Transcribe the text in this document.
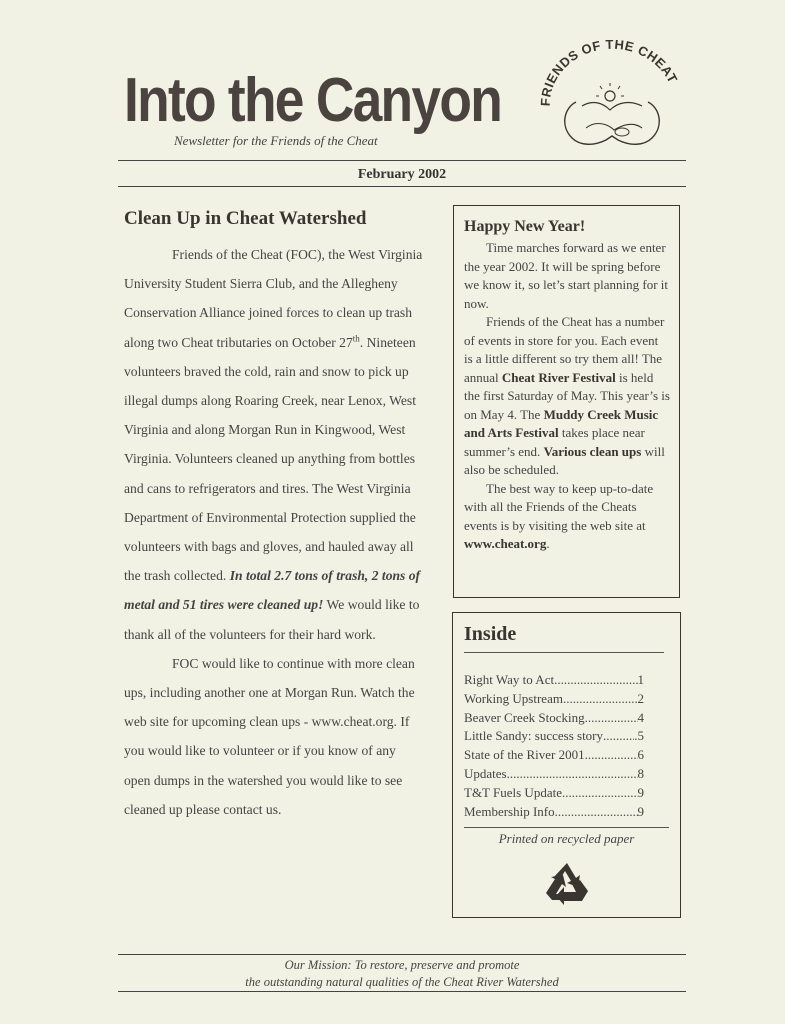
Into the Canyon
Newsletter for the Friends of the Cheat
FRIENDS OF THE CHEAT
February 2002
Clean Up in Cheat Watershed

Friends of the Cheat (FOC), the West Virginia University Student Sierra Club, and the Allegheny Conservation Alliance joined forces to clean up trash along two Cheat tributaries on October 27th. Nineteen volunteers braved the cold, rain and snow to pick up illegal dumps along Roaring Creek, near Lenox, West Virginia and along Morgan Run in Kingwood, West Virginia. Volunteers cleaned up anything from bottles and cans to refrigerators and tires. The West Virginia Department of Environmental Protection supplied the volunteers with bags and gloves, and hauled away all the trash collected. In total 2.7 tons of trash, 2 tons of metal and 51 tires were cleaned up! We would like to thank all of the volunteers for their hard work.

FOC would like to continue with more clean ups, including another one at Morgan Run. Watch the web site for upcoming clean ups - www.cheat.org. If you would like to volunteer or if you know of any open dumps in the watershed you would like to see cleaned up please contact us.

Happy New Year!

Time marches forward as we enter the year 2002. It will be spring before we know it, so let’s start planning for it now.

Friends of the Cheat has a number of events in store for you. Each event is a little different so try them all! The annual Cheat River Festival is held the first Saturday of May. This year’s is on May 4. The Muddy Creek Music and Arts Festival takes place near summer’s end. Various clean ups will also be scheduled.

The best way to keep up-to-date with all the Friends of the Cheats events is by visiting the web site at www.cheat.org.

Inside
Right Way to Act .....	1
Working Upstream .....	2
Beaver Creek Stocking .....	4
Little Sandy: success story ..... .5
State of the River 2001 .....	6
Updates .....	8
T&T Fuels Update .....	9
Membership Info .....	9
Printed on recycled paper
Our Mission: To restore, preserve and promote
the outstanding natural qualities of the Cheat River Watershed
